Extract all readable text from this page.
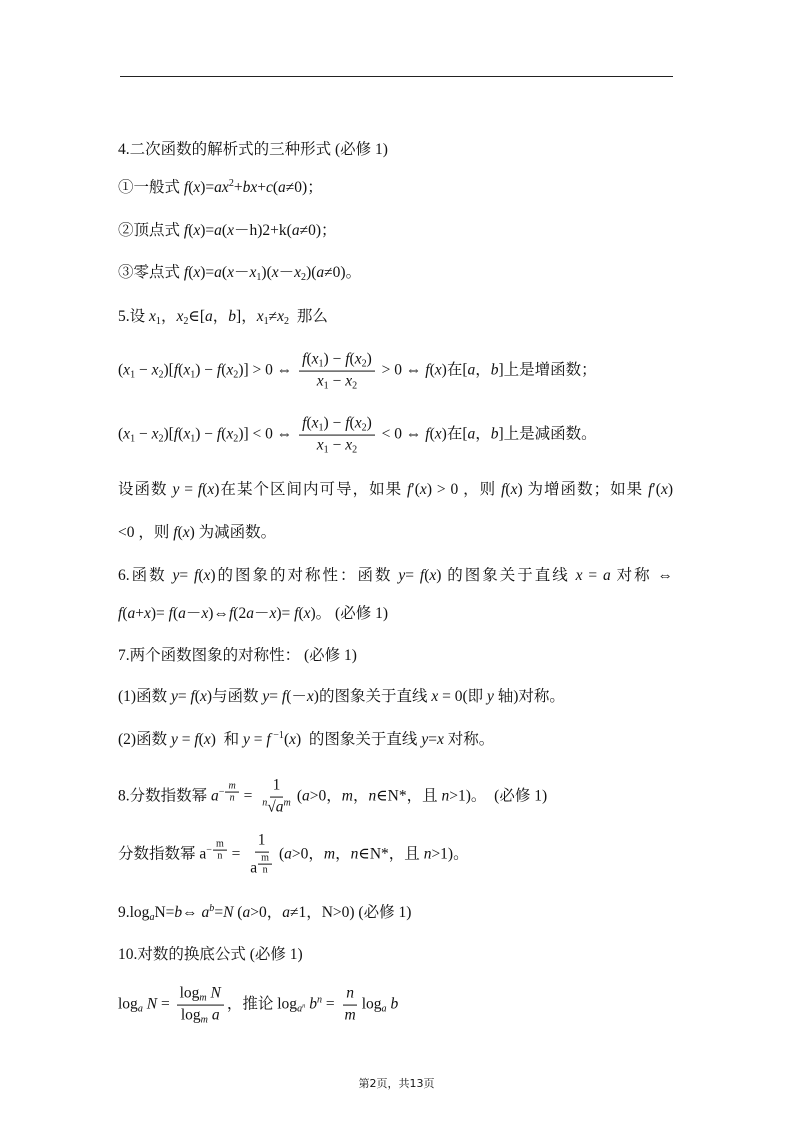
4.二次函数的解析式的三种形式 (必修 1)
①一般式 $f(x)=ax^2+bx+c(a\ne 0)$；
②顶点式 f(x)=a(x－h)2+k(a≠0)；
③零点式 $f(x)=a(x-x_1)(x-x_2)(a\ne 0)$。
5.设 $x_1$，$x_2\in[a$，b]，$x_1\ne x_2$  那么
$(x_1 - x_2)[f(x_1) - f(x_2)] > 0$ ⇔ $\frac{f(x_1) - f(x_2)}{x_1 - x_2} > 0$ ⇔ f(x)在[a，b]上是增函数；
$(x_1 - x_2)[f(x_1) - f(x_2)] < 0$ ⇔ $\frac{f(x_1) - f(x_2)}{x_1 - x_2} < 0$ ⇔ f(x)在[a，b]上是减函数。
设函数 y = f(x)在某个区间内可导，如果 f′(x) > 0 ，则 f(x) 为增函数；如果 f′(x)
<0 ，则 f(x) 为减函数。
6.函数 y= f(x)的图象的对称性：函数 y= f(x) 的图象关于直线 x = a 对称 ⇔
f(a+x)= f(a－x)⇔f(2a－x)= f(x)。 (必修 1)
7.两个函数图象的对称性： (必修 1)
(1)函数 y= f(x)与函数 y= f(－x)的图象关于直线 x = 0(即 y 轴)对称。
(2)函数 y = f(x)  和 y = f $^{-1}$(x)  的图象关于直线 y=x 对称。
8.分数指数幂 $a^{- \frac{m}{n}} = \frac{1}{^n√a^m} (a>0$，m，n∈N*，且 n>1)。  (必修 1)
分数指数幂 $a^{- \frac{m}{n}} = 1$
a $^{\frac{m}{n}}$ (a>0，m，n∈N*，且 n>1)。
$9.\log_aN=b\Leftrightarrow$ $a^b=N$ (a>0，a≠1，N>0) (必修 1)
10.对数的换底公式 (必修 1)
$\log_a N = \frac{\log_m N}{\log_m a}$ ，推论 $\log_{a^n} b^n = \frac{n}{m} \log_a b$
第2页，共13页
